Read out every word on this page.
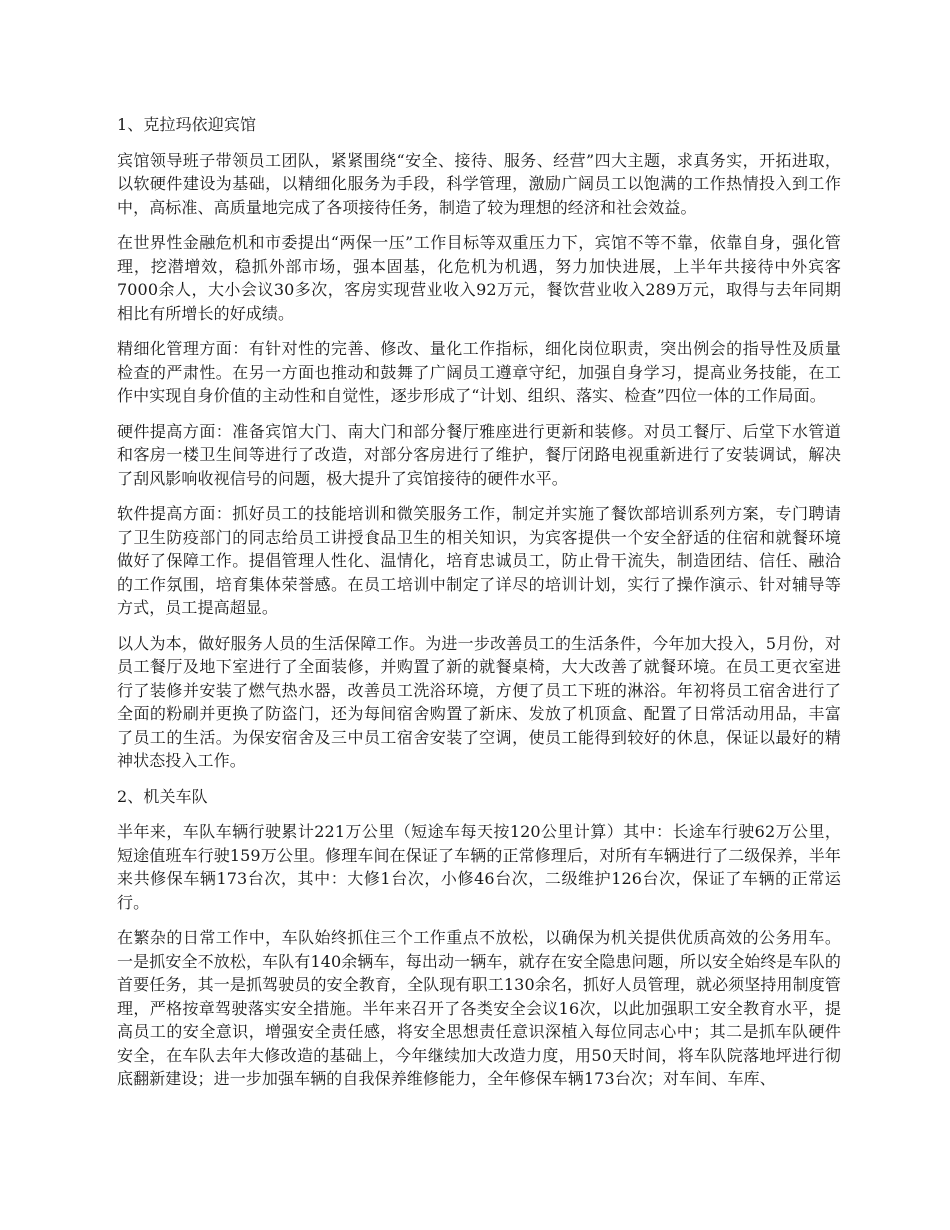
1、克拉玛依迎宾馆

宾馆领导班子带领员工团队，紧紧围绕“安全、接待、服务、经营”四大主题，求真务实，开拓进取，以软硬件建设为基础，以精细化服务为手段，科学管理，激励广阔员工以饱满的工作热情投入到工作中，高标准、高质量地完成了各项接待任务，制造了较为理想的经济和社会效益。

在世界性金融危机和市委提出“两保一压”工作目标等双重压力下，宾馆不等不靠，依靠自身，强化管理，挖潜增效，稳抓外部市场，强本固基，化危机为机遇，努力加快进展，上半年共接待中外宾客7000余人，大小会议30多次，客房实现营业收入92万元，餐饮营业收入289万元，取得与去年同期相比有所增长的好成绩。

精细化管理方面：有针对性的完善、修改、量化工作指标，细化岗位职责，突出例会的指导性及质量检查的严肃性。在另一方面也推动和鼓舞了广阔员工遵章守纪，加强自身学习，提高业务技能，在工作中实现自身价值的主动性和自觉性，逐步形成了“计划、组织、落实、检查”四位一体的工作局面。

硬件提高方面：准备宾馆大门、南大门和部分餐厅雅座进行更新和装修。对员工餐厅、后堂下水管道和客房一楼卫生间等进行了改造，对部分客房进行了维护，餐厅闭路电视重新进行了安装调试，解决了刮风影响收视信号的问题，极大提升了宾馆接待的硬件水平。

软件提高方面：抓好员工的技能培训和微笑服务工作，制定并实施了餐饮部培训系列方案，专门聘请了卫生防疫部门的同志给员工讲授食品卫生的相关知识，为宾客提供一个安全舒适的住宿和就餐环境做好了保障工作。提倡管理人性化、温情化，培育忠诚员工，防止骨干流失，制造团结、信任、融洽的工作氛围，培育集体荣誉感。在员工培训中制定了详尽的培训计划，实行了操作演示、针对辅导等方式，员工提高超显。

以人为本，做好服务人员的生活保障工作。为进一步改善员工的生活条件，今年加大投入，5月份，对员工餐厅及地下室进行了全面装修，并购置了新的就餐桌椅，大大改善了就餐环境。在员工更衣室进行了装修并安装了燃气热水器，改善员工洗浴环境，方便了员工下班的淋浴。年初将员工宿舍进行了全面的粉刷并更换了防盗门，还为每间宿舍购置了新床、发放了机顶盒、配置了日常活动用品，丰富了员工的生活。为保安宿舍及三中员工宿舍安装了空调，使员工能得到较好的休息，保证以最好的精神状态投入工作。

2、机关车队

半年来，车队车辆行驶累计221万公里（短途车每天按120公里计算）其中：长途车行驶62万公里，短途值班车行驶159万公里。修理车间在保证了车辆的正常修理后，对所有车辆进行了二级保养，半年来共修保车辆173台次，其中：大修1台次，小修46台次，二级维护126台次，保证了车辆的正常运行。

在繁杂的日常工作中，车队始终抓住三个工作重点不放松，以确保为机关提供优质高效的公务用车。一是抓安全不放松，车队有140余辆车，每出动一辆车，就存在安全隐患问题，所以安全始终是车队的首要任务，其一是抓驾驶员的安全教育，全队现有职工130余名，抓好人员管理，就必须坚持用制度管理，严格按章驾驶落实安全措施。半年来召开了各类安全会议16次，以此加强职工安全教育水平，提高员工的安全意识，增强安全责任感，将安全思想责任意识深植入每位同志心中；其二是抓车队硬件安全，在车队去年大修改造的基础上，今年继续加大改造力度，用50天时间，将车队院落地坪进行彻底翻新建设；进一步加强车辆的自我保养维修能力，全年修保车辆173台次；对车间、车库、
